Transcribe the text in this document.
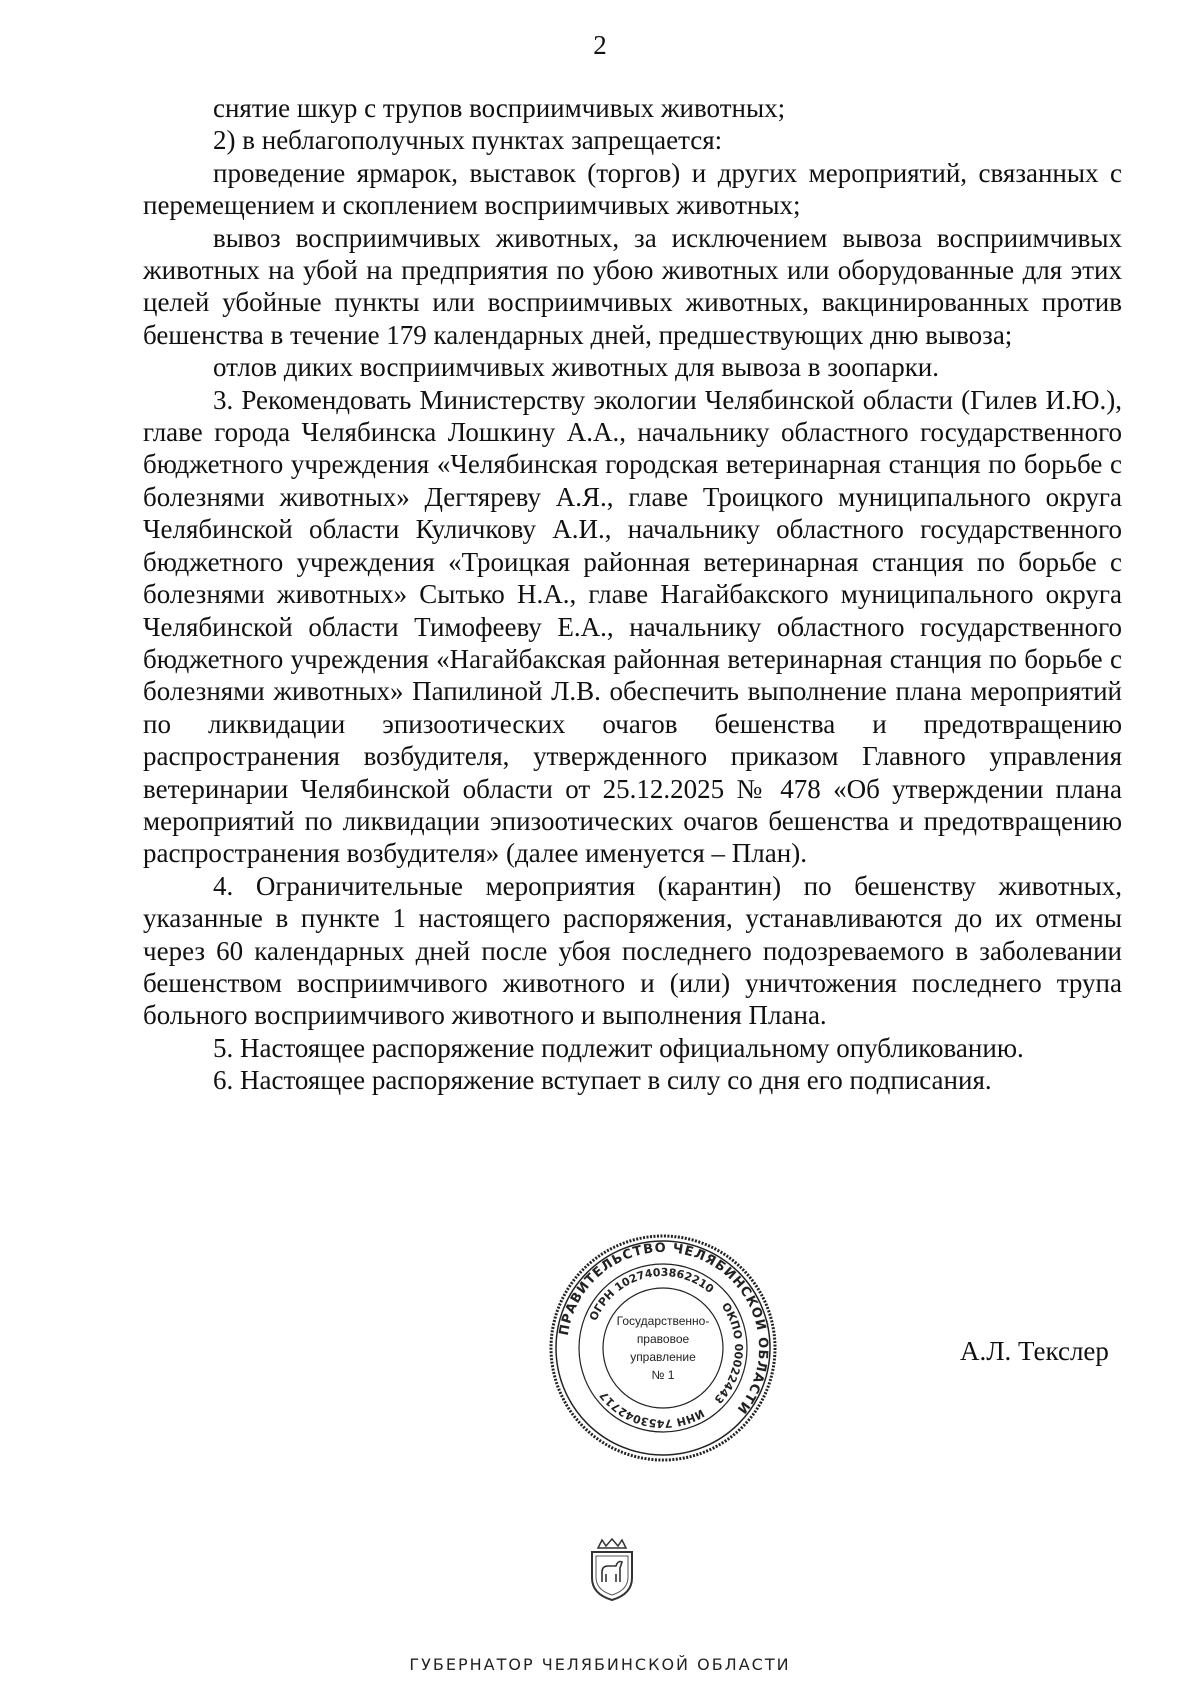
2

снятие шкур с трупов восприимчивых животных;

2) в неблагополучных пунктах запрещается:

проведение ярмарок, выставок (торгов) и других мероприятий, связанных с перемещением и скоплением восприимчивых животных;

вывоз восприимчивых животных, за исключением вывоза восприимчивых животных на убой на предприятия по убою животных или оборудованные для этих целей убойные пункты или восприимчивых животных, вакцинированных против бешенства в течение 179 календарных дней, предшествующих дню вывоза;

отлов диких восприимчивых животных для вывоза в зоопарки.

3. Рекомендовать Министерству экологии Челябинской области (Гилев И.Ю.), главе города Челябинска Лошкину А.А., начальнику областного государственного бюджетного учреждения «Челябинская городская ветеринарная станция по борьбе с болезнями животных» Дегтяреву А.Я., главе Троицкого муниципального округа Челябинской области Куличкову А.И., начальнику областного государственного бюджетного учреждения «Троицкая районная ветеринарная станция по борьбе с болезнями животных» Сытько Н.А., главе Нагайбакского муниципального округа Челябинской области Тимофееву Е.А., начальнику областного государственного бюджетного учреждения «Нагайбакская районная ветеринарная станция по борьбе с болезнями животных» Папилиной Л.В. обеспечить выполнение плана мероприятий по ликвидации эпизоотических очагов бешенства и предотвращению распространения возбудителя, утвержденного приказом Главного управления ветеринарии Челябинской области от 25.12.2025 № 478 «Об утверждении плана мероприятий по ликвидации эпизоотических очагов бешенства и предотвращению распространения возбудителя» (далее именуется – План).

4. Ограничительные мероприятия (карантин) по бешенству животных, указанные в пункте 1 настоящего распоряжения, устанавливаются до их отмены через 60 календарных дней после убоя последнего подозреваемого в заболевании бешенством восприимчивого животного и (или) уничтожения последнего трупа больного восприимчивого животного и выполнения Плана.

5. Настоящее распоряжение подлежит официальному опубликованию.

6. Настоящее распоряжение вступает в силу со дня его подписания.

ПРАВИТЕЛЬСТВО ЧЕЛЯБИНСКОЙ ОБЛАСТИ
ОГРН 1027403862210
ОКПО 00022443
ИНН 7453042717
Государственно-
правовое
управление
№ 1
А.Л. Текслер
ГУБЕРНАТОР ЧЕЛЯБИНСКОЙ ОБЛАСТИ
